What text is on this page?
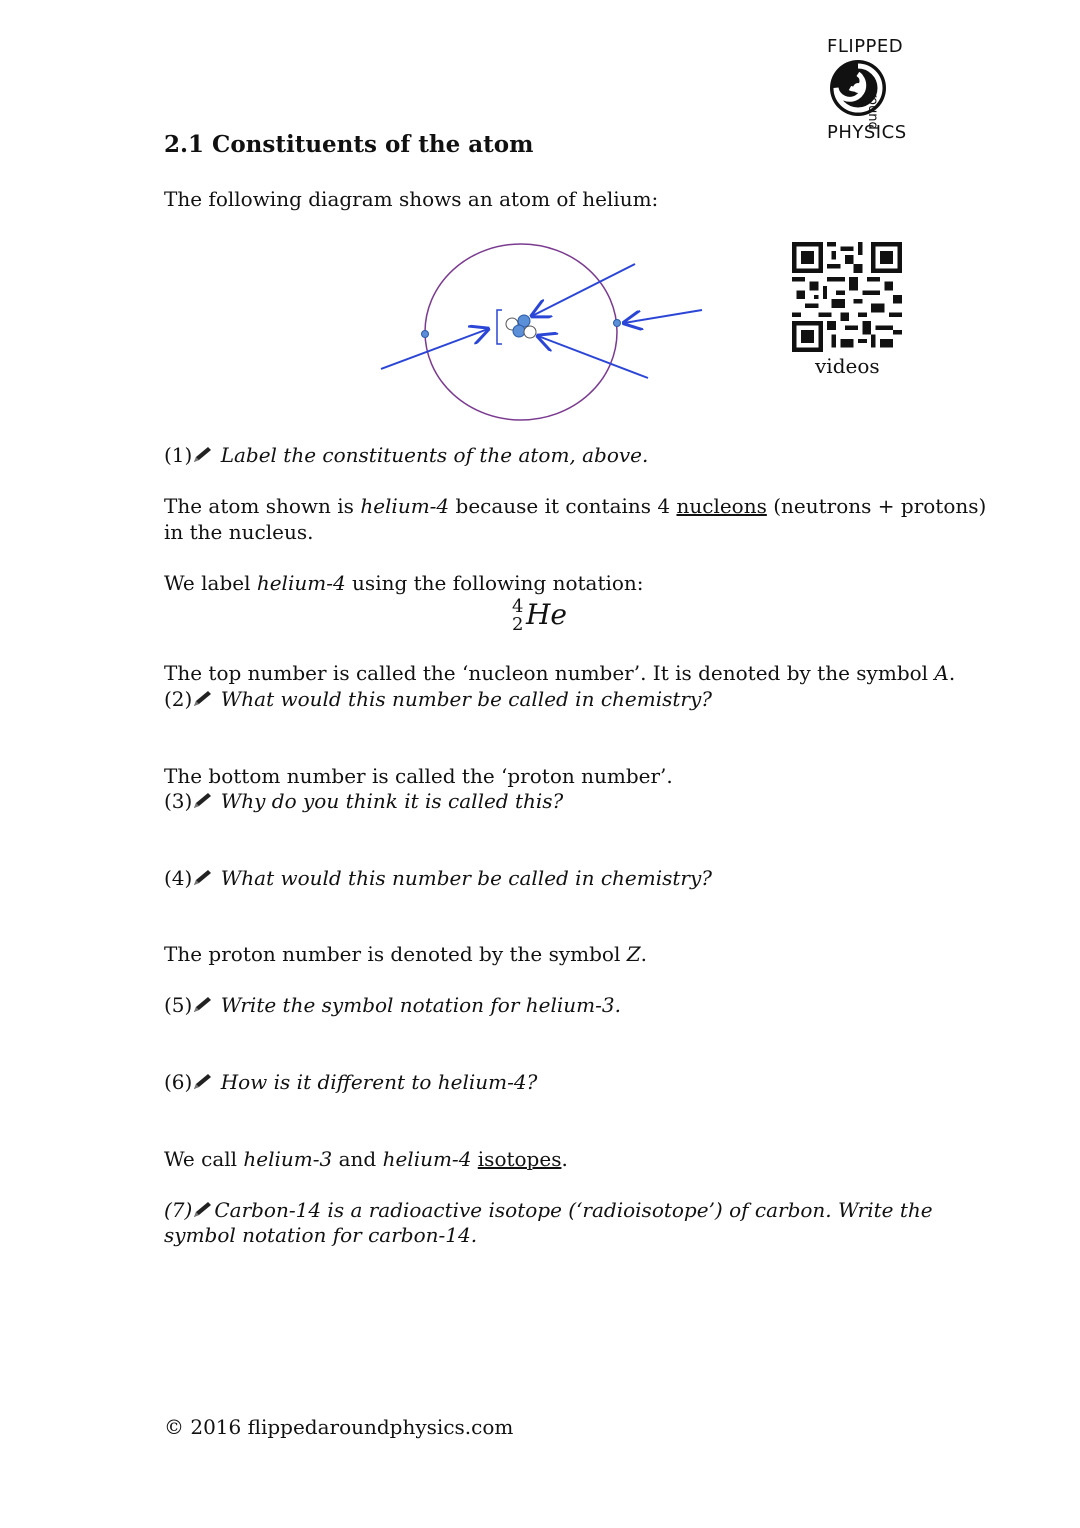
FLIPPED
around
PHYSICS
2.1 Constituents of the atom
The following diagram shows an atom of helium:
videos
(1) Label the constituents of the atom, above.
The atom shown is helium-4 because it contains 4 nucleons (neutrons + protons)
in the nucleus.
We label helium-4 using the following notation:
4
2 He
The top number is called the ‘nucleon number’. It is denoted by the symbol A.
(2) What would this number be called in chemistry?
The bottom number is called the ‘proton number’.
(3) Why do you think it is called this?
(4) What would this number be called in chemistry?
The proton number is denoted by the symbol Z.
(5) Write the symbol notation for helium-3.
(6) How is it different to helium-4?
We call helium-3 and helium-4 isotopes.
(7) Carbon-14 is a radioactive isotope (‘radioisotope’) of carbon. Write the
symbol notation for carbon-14.
© 2016 flippedaroundphysics.com
